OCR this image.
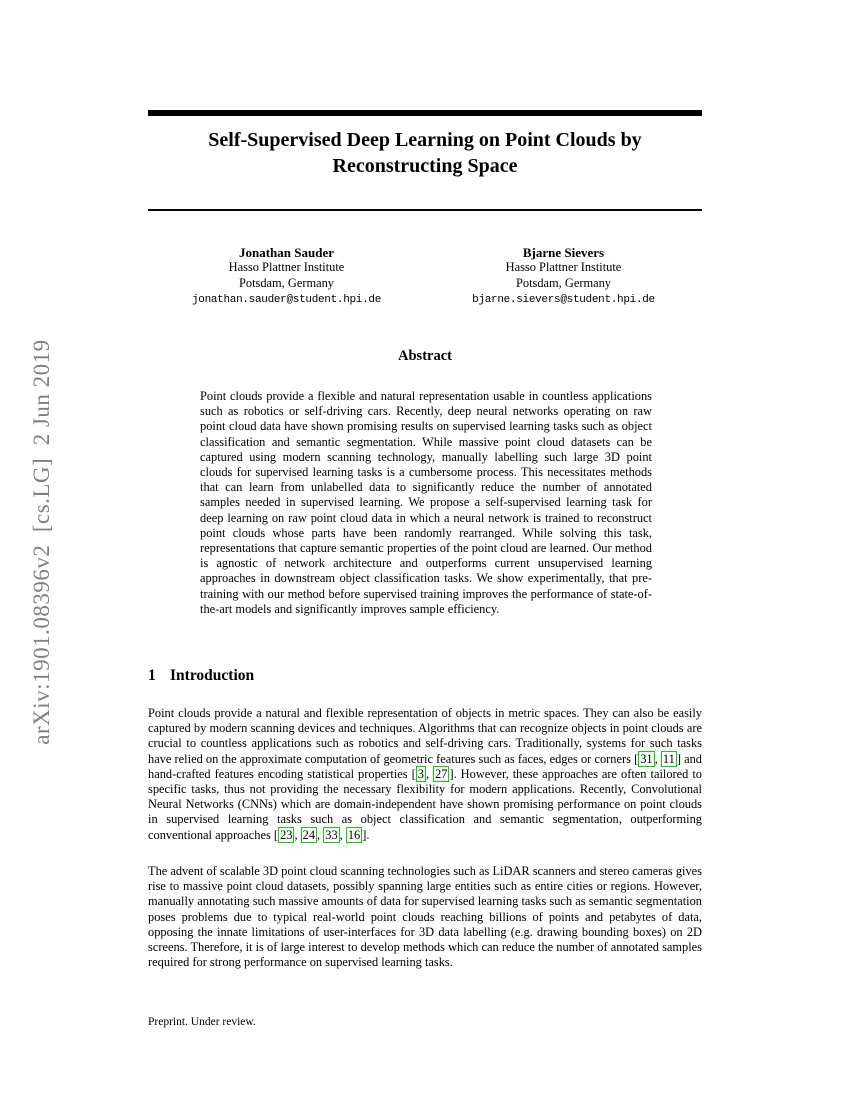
arXiv:1901.08396v2  [cs.LG]  2 Jun 2019
Self-Supervised Deep Learning on Point Clouds by
Reconstructing Space
Jonathan Sauder
Hasso Plattner Institute
Potsdam, Germany
jonathan.sauder@student.hpi.de
Bjarne Sievers
Hasso Plattner Institute
Potsdam, Germany
bjarne.sievers@student.hpi.de
Abstract
Point clouds provide a flexible and natural representation usable in countless applications such as robotics or self-driving cars. Recently, deep neural networks operating on raw point cloud data have shown promising results on supervised learning tasks such as object classification and semantic segmentation. While massive point cloud datasets can be captured using modern scanning technology, manually labelling such large 3D point clouds for supervised learning tasks is a cumbersome process. This necessitates methods that can learn from unlabelled data to significantly reduce the number of annotated samples needed in supervised learning. We propose a self-supervised learning task for deep learning on raw point cloud data in which a neural network is trained to reconstruct point clouds whose parts have been randomly rearranged. While solving this task, representations that capture semantic properties of the point cloud are learned. Our method is agnostic of network architecture and outperforms current unsupervised learning approaches in downstream object classification tasks. We show experimentally, that pre-training with our method before supervised training improves the performance of state-of-the-art models and significantly improves sample efficiency.
1 Introduction

Point clouds provide a natural and flexible representation of objects in metric spaces. They can also be easily captured by modern scanning devices and techniques. Algorithms that can recognize objects in point clouds are crucial to countless applications such as robotics and self-driving cars. Traditionally, systems for such tasks have relied on the approximate computation of geometric features such as faces, edges or corners [ 31 , 11 ] and hand-crafted features encoding statistical properties [ 3 , 27 ]. However, these approaches are often tailored to specific tasks, thus not providing the necessary flexibility for modern applications. Recently, Convolutional Neural Networks (CNNs) which are domain-independent have shown promising performance on point clouds in supervised learning tasks such as object classification and semantic segmentation, outperforming conventional approaches [ 23 , 24 , 33 , 16 ].

The advent of scalable 3D point cloud scanning technologies such as LiDAR scanners and stereo cameras gives rise to massive point cloud datasets, possibly spanning large entities such as entire cities or regions. However, manually annotating such massive amounts of data for supervised learning tasks such as semantic segmentation poses problems due to typical real-world point clouds reaching billions of points and petabytes of data, opposing the innate limitations of user-interfaces for 3D data labelling (e.g. drawing bounding boxes) on 2D screens. Therefore, it is of large interest to develop methods which can reduce the number of annotated samples required for strong performance on supervised learning tasks.

Preprint. Under review.
